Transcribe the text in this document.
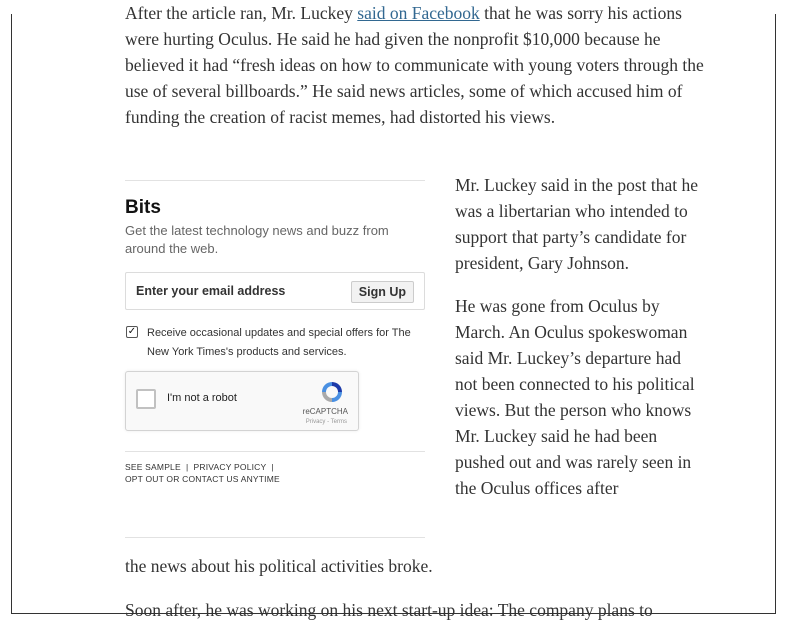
After the article ran, Mr. Luckey said on Facebook that he was sorry his actions were hurting Oculus. He said he had given the nonprofit $10,000 because he believed it had “fresh ideas on how to communicate with young voters through the use of several billboards.” He said news articles, some of which accused him of funding the creation of racist memes, had distorted his views.
Bits
Get the latest technology news and buzz from around the web.
Enter your email address
Sign Up
✓ Receive occasional updates and special offers for The New York Times's products and services.
I'm not a robot
reCAPTCHA
Privacy - Terms
SEE SAMPLE  |  PRIVACY POLICY  |
OPT OUT OR CONTACT US ANYTIME

Mr. Luckey said in the post that he was a libertarian who intended to support that party’s candidate for president, Gary Johnson.

He was gone from Oculus by March. An Oculus spokeswoman said Mr. Luckey’s departure had not been connected to his political views. But the person who knows Mr. Luckey said he had been pushed out and was rarely seen in the Oculus offices after

the news about his political activities broke.
Soon after, he was working on his next start-up idea: The company plans to
